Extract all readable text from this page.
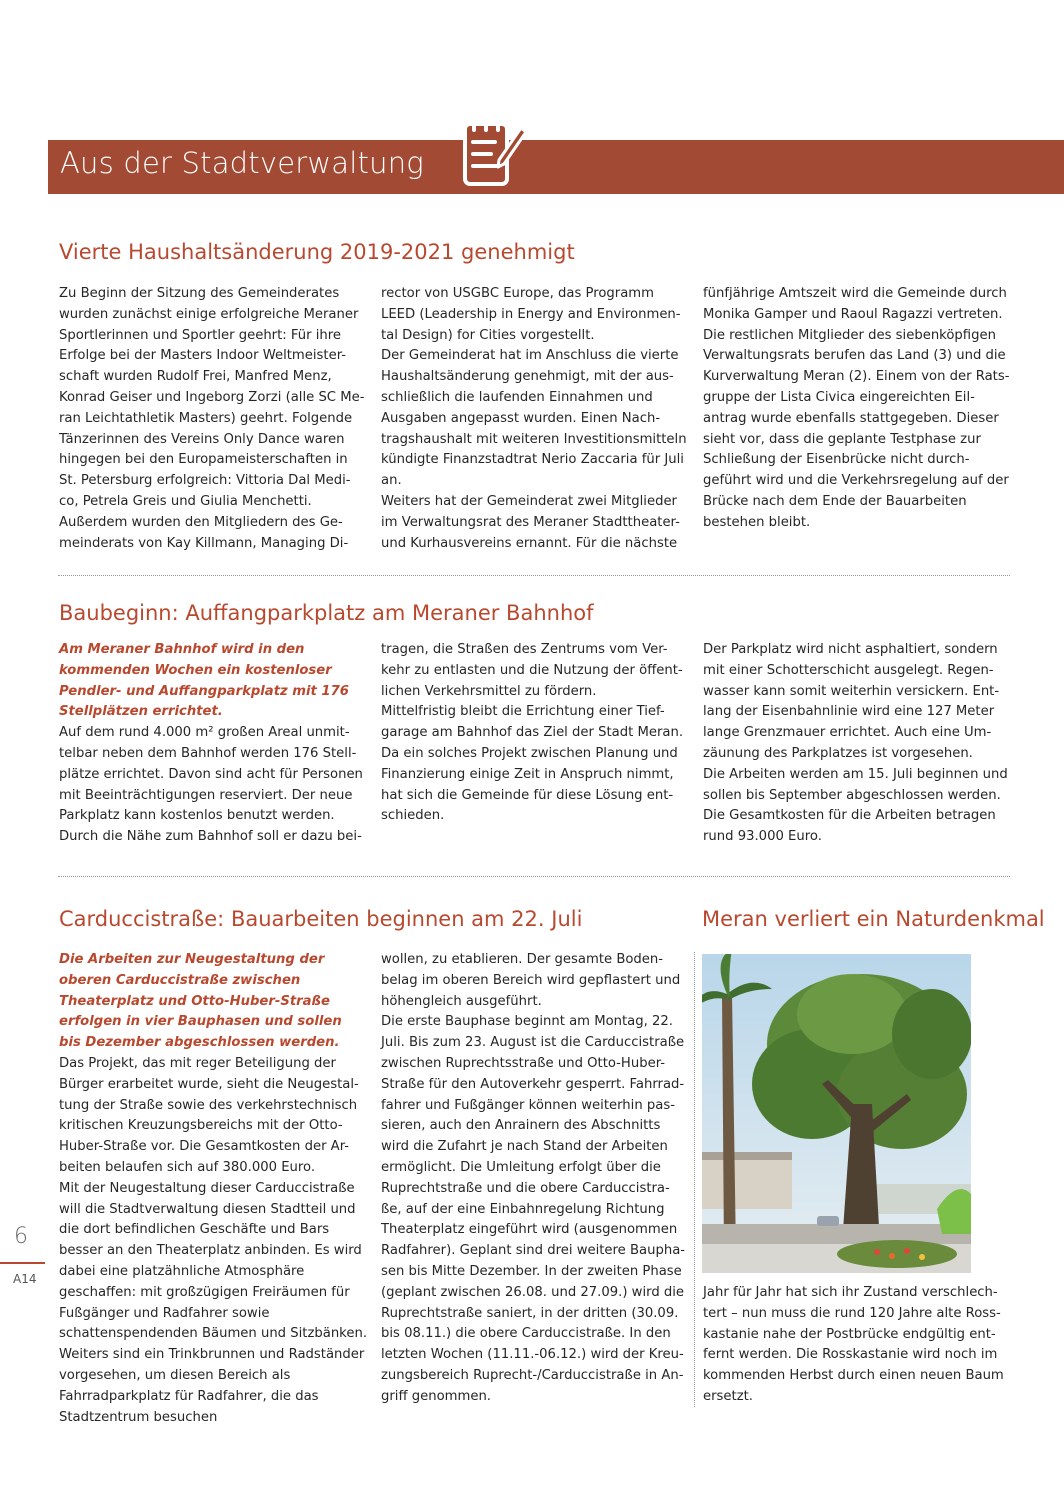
Aus der Stadtverwaltung
Vierte Haushaltsänderung 2019-2021 genehmigt

Zu Beginn der Sitzung des Gemeinderates wurden zunächst einige erfolgreiche Meraner Sportlerinnen und Sportler geehrt: Für ihre Erfolge bei der Masters Indoor Weltmeister-schaft wurden Rudolf Frei, Manfred Menz, Konrad Geiser und Ingeborg Zorzi (alle SC Me-ran Leichtathletik Masters) geehrt. Folgende Tänzerinnen des Vereins Only Dance waren hingegen bei den Europameisterschaften in St. Petersburg erfolgreich: Vittoria Dal Medi-co, Petrela Greis und Giulia Menchetti. Außerdem wurden den Mitgliedern des Ge-meinderats von Kay Killmann, Managing Di-

rector von USGBC Europe, das Programm LEED (Leadership in Energy and Environmen-tal Design) for Cities vorgestellt.
Der Gemeinderat hat im Anschluss die vierte Haushaltsänderung genehmigt, mit der aus-schließlich die laufenden Einnahmen und Ausgaben angepasst wurden. Einen Nach-tragshaushalt mit weiteren Investitionsmitteln kündigte Finanzstadtrat Nerio Zaccaria für Juli an.
Weiters hat der Gemeinderat zwei Mitglieder im Verwaltungsrat des Meraner Stadttheater-und Kurhausvereins ernannt. Für die nächste

fünfjährige Amtszeit wird die Gemeinde durch Monika Gamper und Raoul Ragazzi vertreten. Die restlichen Mitglieder des siebenköpfigen Verwaltungsrats berufen das Land (3) und die Kurverwaltung Meran (2). Einem von der Rats-gruppe der Lista Civica eingereichten Eil-antrag wurde ebenfalls stattgegeben. Dieser sieht vor, dass die geplante Testphase zur Schließung der Eisenbrücke nicht durch-geführt wird und die Verkehrsregelung auf der Brücke nach dem Ende der Bauarbeiten bestehen bleibt.

Baubeginn: Auffangparkplatz am Meraner Bahnhof

Am Meraner Bahnhof wird in den kommenden Wochen ein kostenloser Pendler- und Auffangparkplatz mit 176 Stellplätzen errichtet.

Auf dem rund 4.000 m² großen Areal unmit-telbar neben dem Bahnhof werden 176 Stell-plätze errichtet. Davon sind acht für Personen mit Beeinträchtigungen reserviert. Der neue Parkplatz kann kostenlos benutzt werden. Durch die Nähe zum Bahnhof soll er dazu bei-

tragen, die Straßen des Zentrums vom Ver-kehr zu entlasten und die Nutzung der öffent-lichen Verkehrsmittel zu fördern.
Mittelfristig bleibt die Errichtung einer Tief-garage am Bahnhof das Ziel der Stadt Meran. Da ein solches Projekt zwischen Planung und Finanzierung einige Zeit in Anspruch nimmt, hat sich die Gemeinde für diese Lösung ent-schieden.

Der Parkplatz wird nicht asphaltiert, sondern mit einer Schotterschicht ausgelegt. Regen-wasser kann somit weiterhin versickern. Ent-lang der Eisenbahnlinie wird eine 127 Meter lange Grenzmauer errichtet. Auch eine Um-zäunung des Parkplatzes ist vorgesehen.
Die Arbeiten werden am 15. Juli beginnen und sollen bis September abgeschlossen werden. Die Gesamtkosten für die Arbeiten betragen rund 93.000 Euro.

Carduccistraße: Bauarbeiten beginnen am 22. Juli

Die Arbeiten zur Neugestaltung der oberen Carduccistraße zwischen Theaterplatz und Otto-Huber-Straße erfolgen in vier Bauphasen und sollen bis Dezember abgeschlossen werden.

Das Projekt, das mit reger Beteiligung der Bürger erarbeitet wurde, sieht die Neugestal-tung der Straße sowie des verkehrstechnisch kritischen Kreuzungsbereichs mit der Otto-Huber-Straße vor. Die Gesamtkosten der Ar-beiten belaufen sich auf 380.000 Euro.
Mit der Neugestaltung dieser Carduccistraße will die Stadtverwaltung diesen Stadtteil und die dort befindlichen Geschäfte und Bars besser an den Theaterplatz anbinden. Es wird dabei eine platzähnliche Atmosphäre geschaffen: mit großzügigen Freiräumen für Fußgänger und Radfahrer sowie schattenspendenden Bäumen und Sitzbänken. Weiters sind ein Trinkbrunnen und Radständer vorgesehen, um diesen Bereich als Fahrradparkplatz für Radfahrer, die das Stadtzentrum besuchen

wollen, zu etablieren. Der gesamte Boden-belag im oberen Bereich wird gepflastert und höhengleich ausgeführt.
Die erste Bauphase beginnt am Montag, 22. Juli. Bis zum 23. August ist die Carduccistraße zwischen Ruprechtsstraße und Otto-Huber-Straße für den Autoverkehr gesperrt. Fahrrad-fahrer und Fußgänger können weiterhin pas-sieren, auch den Anrainern des Abschnitts wird die Zufahrt je nach Stand der Arbeiten ermöglicht. Die Umleitung erfolgt über die Ruprechtstraße und die obere Carduccistra-ße, auf der eine Einbahnregelung Richtung Theaterplatz eingeführt wird (ausgenommen Radfahrer). Geplant sind drei weitere Baupha-sen bis Mitte Dezember. In der zweiten Phase (geplant zwischen 26.08. und 27.09.) wird die Ruprechtstraße saniert, in der dritten (30.09. bis 08.11.) die obere Carduccistraße. In den letzten Wochen (11.11.-06.12.) wird der Kreu-zungsbereich Ruprecht-/Carduccistraße in An-griff genommen.

Meran verliert ein Naturdenkmal

Jahr für Jahr hat sich ihr Zustand verschlech-tert – nun muss die rund 120 Jahre alte Ross-kastanie nahe der Postbrücke endgültig ent-fernt werden. Die Rosskastanie wird noch im kommenden Herbst durch einen neuen Baum ersetzt.

6
A14
